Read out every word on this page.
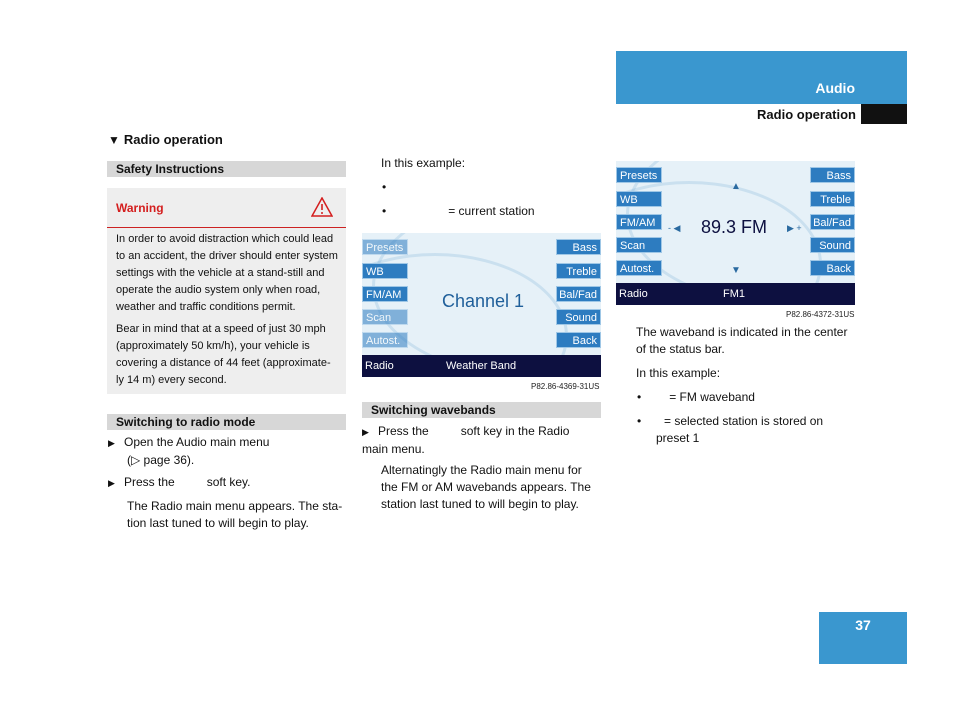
Audio
Radio operation
▼ Radio operation
Safety Instructions
Warning
In order to avoid distraction which could lead to an accident, the driver should enter system settings with the vehicle at a stand-still and operate the audio system only when road, weather and traffic conditions permit.
Bear in mind that at a speed of just 30 mph (approximately 50 km/h), your vehicle is covering a distance of 44 feet (approximate-ly 14 m) every second.
Switching to radio mode
▶ Open the Audio main menu
(▷ page 36).
▶ Press the	soft key.
The Radio main menu appears. The sta-tion last tuned to will begin to play.
In this example:
•
•	= current station
Presets
WB
FM/AM
Scan
Autost.
Bass
Treble
Bal/Fad
Sound
Back
Channel 1
Radio	Weather Band
P82.86-4369-31US
Switching wavebands
▶ Press the	soft key in the Radio main menu.
Alternatingly the Radio main menu for the FM or AM wavebands appears. The station last tuned to will begin to play.
Presets
WB
FM/AM
Scan
Autost.
Bass
Treble
Bal/Fad
Sound
Back
▲
▼
- ◀	▶ +
89.3 FM
Radio	FM1
P82.86-4372-31US
The waveband is indicated in the center of the status bar.
In this example:
• = FM waveband
•	= selected station is stored on preset 1
37
